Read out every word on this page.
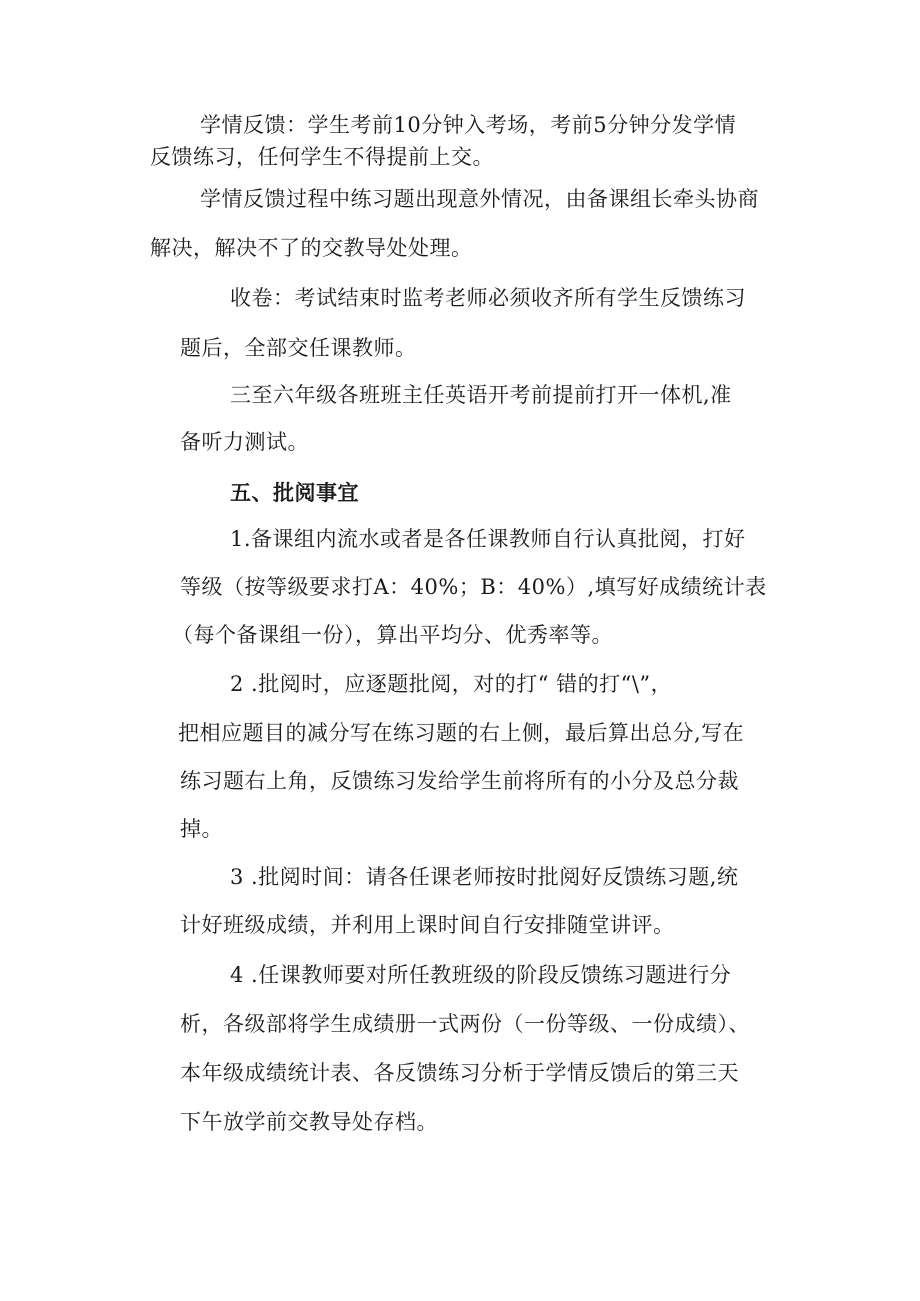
学情反馈：学生考前10分钟入考场，考前5分钟分发学情
反馈练习，任何学生不得提前上交。
学情反馈过程中练习题出现意外情况，由备课组长牵头协商
解决，解决不了的交教导处处理。
收卷：考试结束时监考老师必须收齐所有学生反馈练习
题后，全部交任课教师。
三至六年级各班班主任英语开考前提前打开一体机,准
备听力测试。
五、批阅事宜
1.备课组内流水或者是各任课教师自行认真批阅，打好
等级（按等级要求打A：40%；B：40%）,填写好成绩统计表
（每个备课组一份），算出平均分、优秀率等。
2 .批阅时，应逐题批阅，对的打“ 错的打“\”，
把相应题目的减分写在练习题的右上侧，最后算出总分,写在
练习题右上角，反馈练习发给学生前将所有的小分及总分裁
掉。
3 .批阅时间：请各任课老师按时批阅好反馈练习题,统
计好班级成绩，并利用上课时间自行安排随堂讲评。
4 .任课教师要对所任教班级的阶段反馈练习题进行分
析，各级部将学生成绩册一式两份（一份等级、一份成绩）、
本年级成绩统计表、各反馈练习分析于学情反馈后的第三天
下午放学前交教导处存档。
